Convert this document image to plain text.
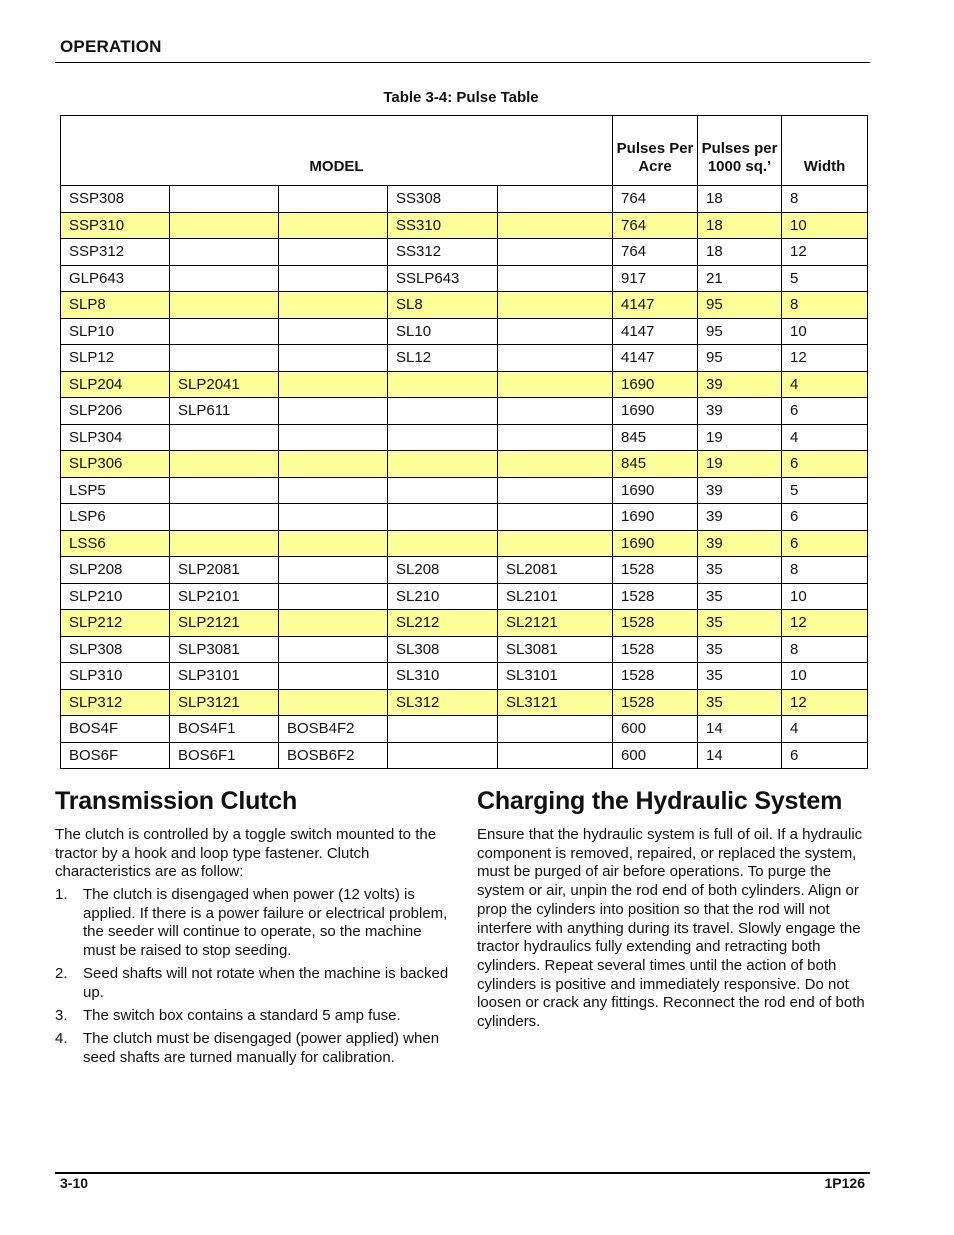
OPERATION
Table 3-4: Pulse Table
MODEL					Pulses Per Acre	Pulses per 1000 sq.’	Width
SSP308			SS308		764	18	8
SSP310			SS310		764	18	10
SSP312			SS312		764	18	12
GLP643			SSLP643		917	21	5
SLP8			SL8		4147	95	8
SLP10			SL10		4147	95	10
SLP12			SL12		4147	95	12
SLP204	SLP2041				1690	39	4
SLP206	SLP611				1690	39	6
SLP304					845	19	4
SLP306					845	19	6
LSP5					1690	39	5
LSP6					1690	39	6
LSS6					1690	39	6
SLP208	SLP2081		SL208	SL2081	1528	35	8
SLP210	SLP2101		SL210	SL2101	1528	35	10
SLP212	SLP2121		SL212	SL2121	1528	35	12
SLP308	SLP3081		SL308	SL3081	1528	35	8
SLP310	SLP3101		SL310	SL3101	1528	35	10
SLP312	SLP3121		SL312	SL3121	1528	35	12
BOS4F	BOS4F1	BOSB4F2			600	14	4
BOS6F	BOS6F1	BOSB6F2			600	14	6
Transmission Clutch

The clutch is controlled by a toggle switch mounted to the tractor by a hook and loop type fastener. Clutch characteristics are as follow:

1. The clutch is disengaged when power (12 volts) is applied. If there is a power failure or electrical problem, the seeder will continue to operate, so the machine must be raised to stop seeding.
2. Seed shafts will not rotate when the machine is backed up.
3. The switch box contains a standard 5 amp fuse.
4. The clutch must be disengaged (power applied) when seed shafts are turned manually for calibration.
Charging the Hydraulic System

Ensure that the hydraulic system is full of oil. If a hydraulic component is removed, repaired, or replaced the system, must be purged of air before operations. To purge the system or air, unpin the rod end of both cylinders. Align or prop the cylinders into position so that the rod will not interfere with anything during its travel. Slowly engage the tractor hydraulics fully extending and retracting both cylinders. Repeat several times until the action of both cylinders is positive and immediately responsive. Do not loosen or crack any fittings. Reconnect the rod end of both cylinders.

3-10	1P126
